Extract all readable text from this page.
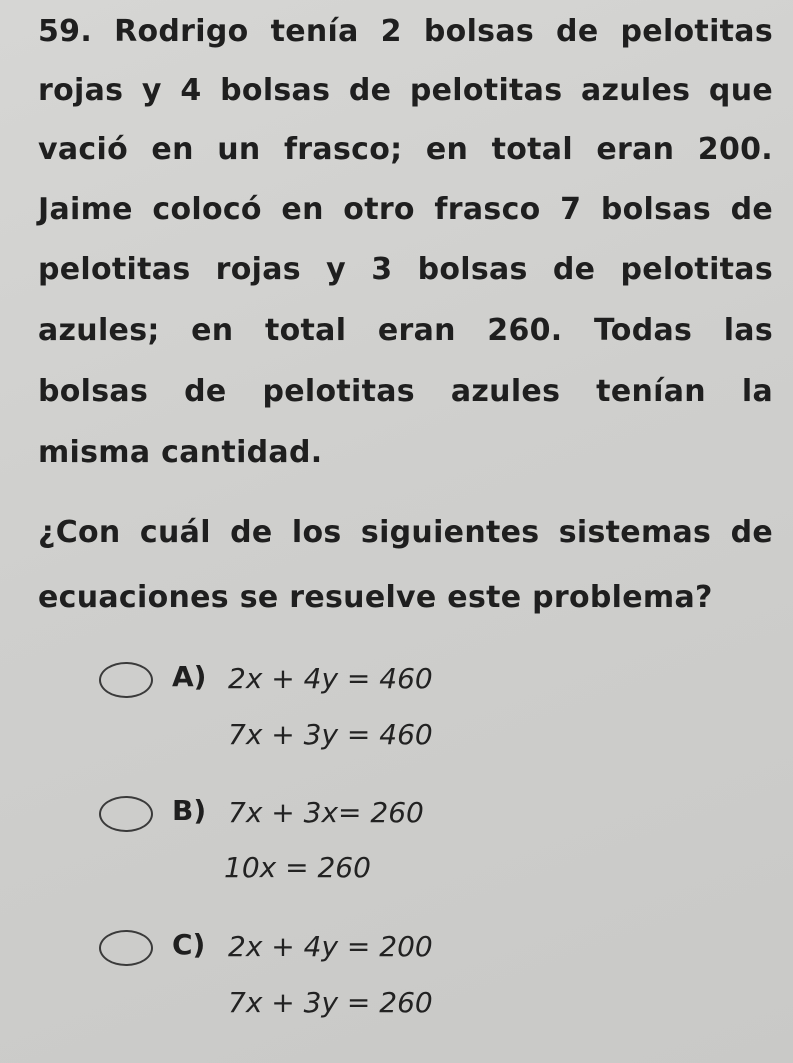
59. Rodrigo tenía 2 bolsas de pelotitas
rojas y 4 bolsas de pelotitas azules que
vació en un frasco; en total eran 200.
Jaime colocó en otro frasco 7 bolsas de
pelotitas rojas y 3 bolsas de pelotitas
azules; en total eran 260. Todas las
bolsas de pelotitas azules tenían la
misma cantidad.
¿Con cuál de los siguientes sistemas de
ecuaciones se resuelve este problema?
A) 2x + 4y = 460
7x + 3y = 460
B) 7x + 3x= 260
10x = 260
C) 2x + 4y = 200
7x + 3y = 260
